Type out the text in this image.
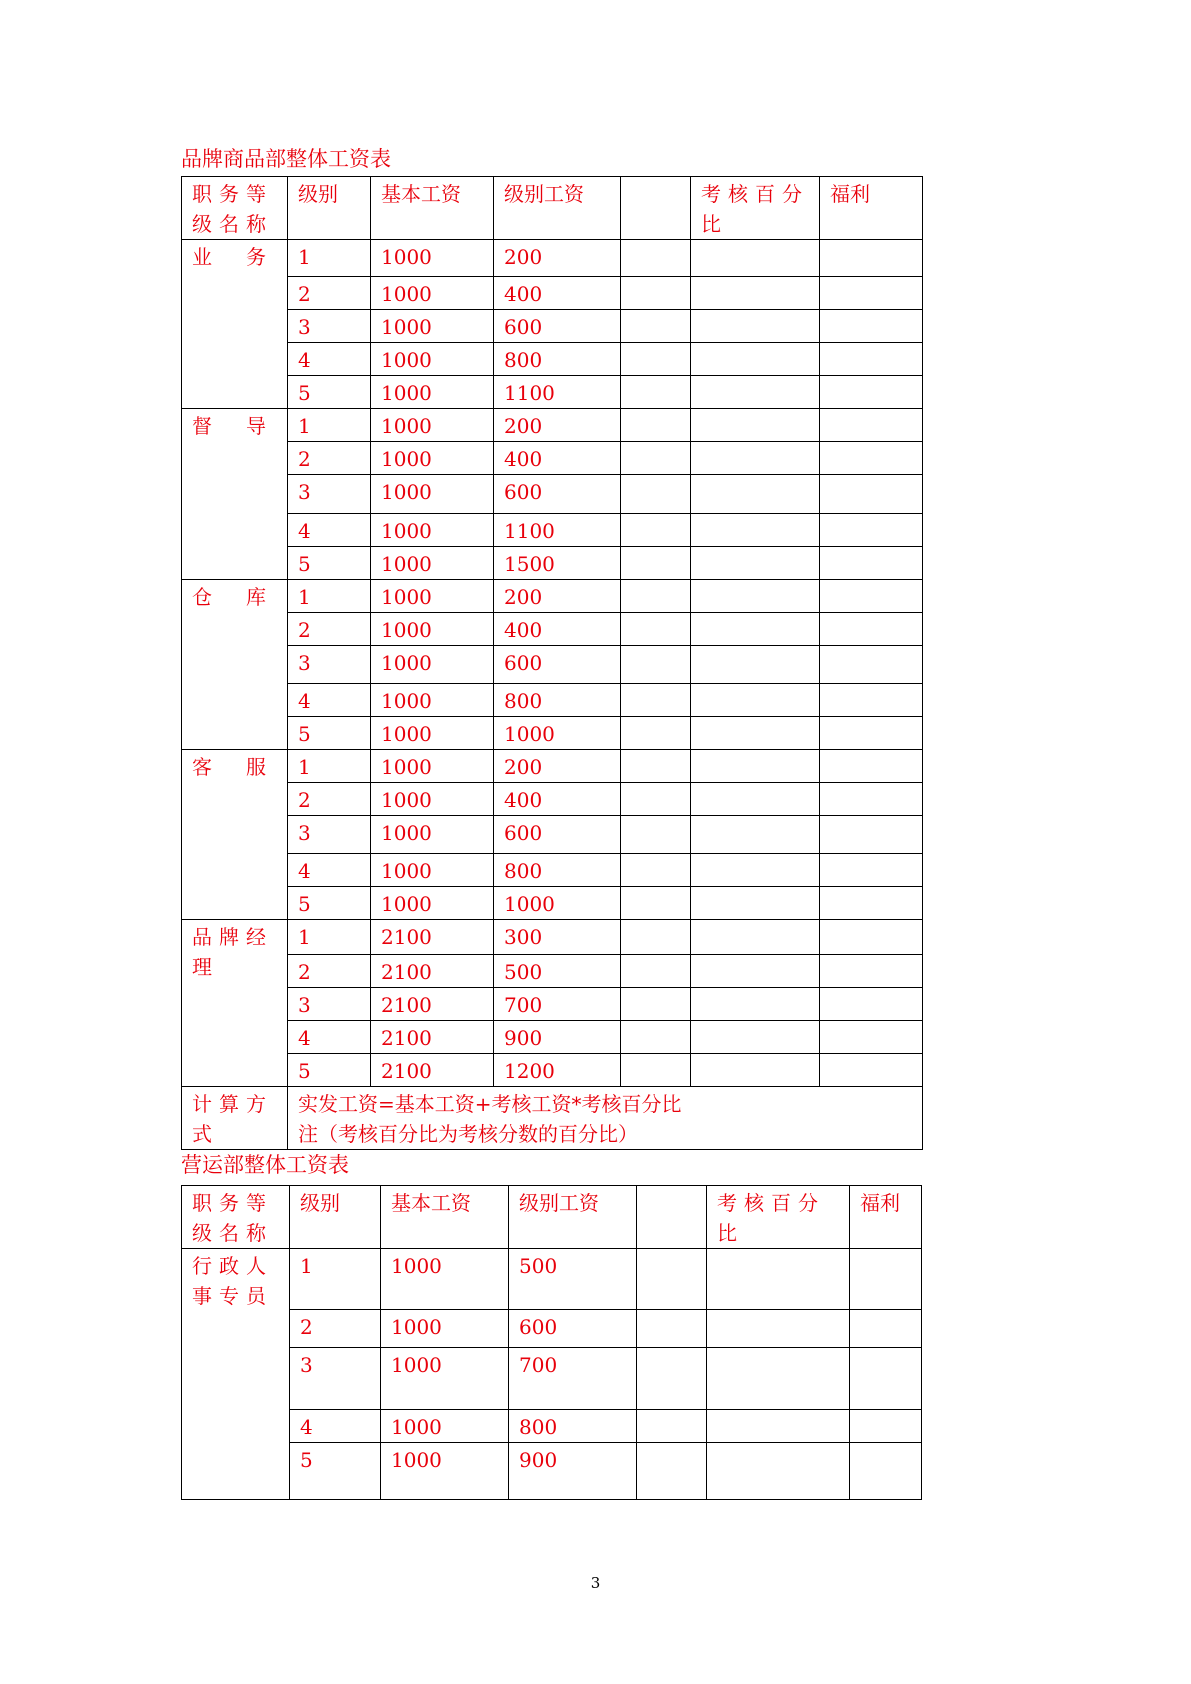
品牌商品部整体工资表
职务等级名称	级别	基本工资	级别工资		考核百分比	福利
业　务	1	1000	200			
	2	1000	400			
	3	1000	600			
	4	1000	800			
	5	1000	1100			
督　导	1	1000	200			
	2	1000	400			
	3	1000	600			
	4	1000	1100			
	5	1000	1500			
仓　库	1	1000	200			
	2	1000	400			
	3	1000	600			
	4	1000	800			
	5	1000	1000			
客　服	1	1000	200			
	2	1000	400			
	3	1000	600			
	4	1000	800			
	5	1000	1000			
品牌经理	1	2100	300			
	2	2100	500			
	3	2100	700			
	4	2100	900			
	5	2100	1200			
计算方式	实发工资=基本工资+考核工资*考核百分比
注（考核百分比为考核分数的百分比）					
营运部整体工资表
职务等级名称	级别	基本工资	级别工资		考核百分比	福利
行政人事专员	1	1000	500			
	2	1000	600			
	3	1000	700			
	4	1000	800			
	5	1000	900			
3
